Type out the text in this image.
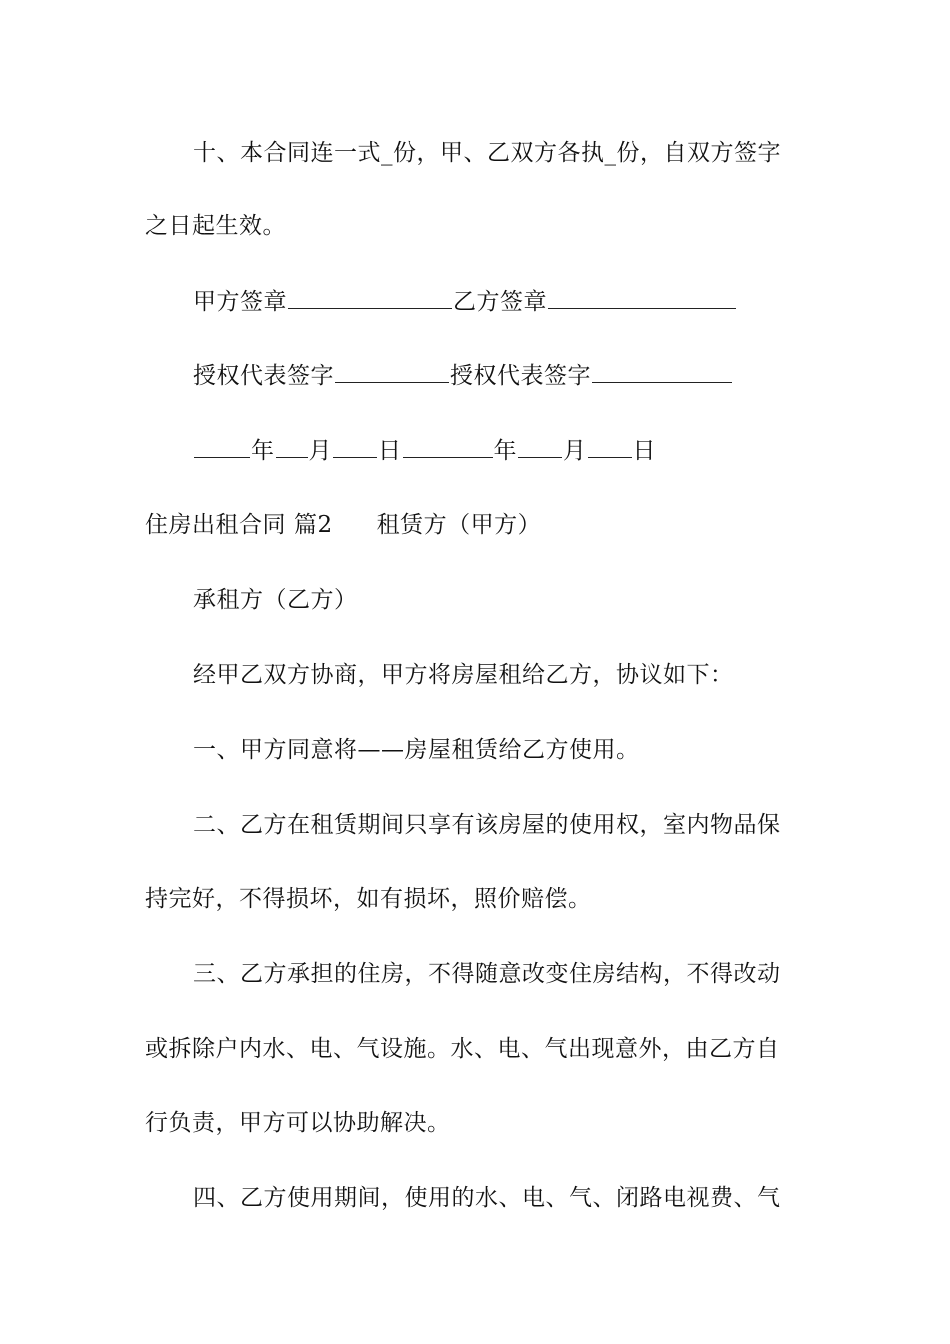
十、本合同连一式_份，甲、乙双方各执_份，自双方签字
之日起生效。
甲方签章	乙方签章
授权代表签字	授权代表签字
年 月 日	年 月 日
住房出租合同 篇2 租赁方（甲方）
承租方（乙方）
经甲乙双方协商，甲方将房屋租给乙方，协议如下：
一、甲方同意将——房屋租赁给乙方使用。
二、乙方在租赁期间只享有该房屋的使用权，室内物品保
持完好，不得损坏，如有损坏，照价赔偿。
三、乙方承担的住房，不得随意改变住房结构，不得改动
或拆除户内水、电、气设施。水、电、气出现意外，由乙方自
行负责，甲方可以协助解决。
四、乙方使用期间，使用的水、电、气、闭路电视费、气
